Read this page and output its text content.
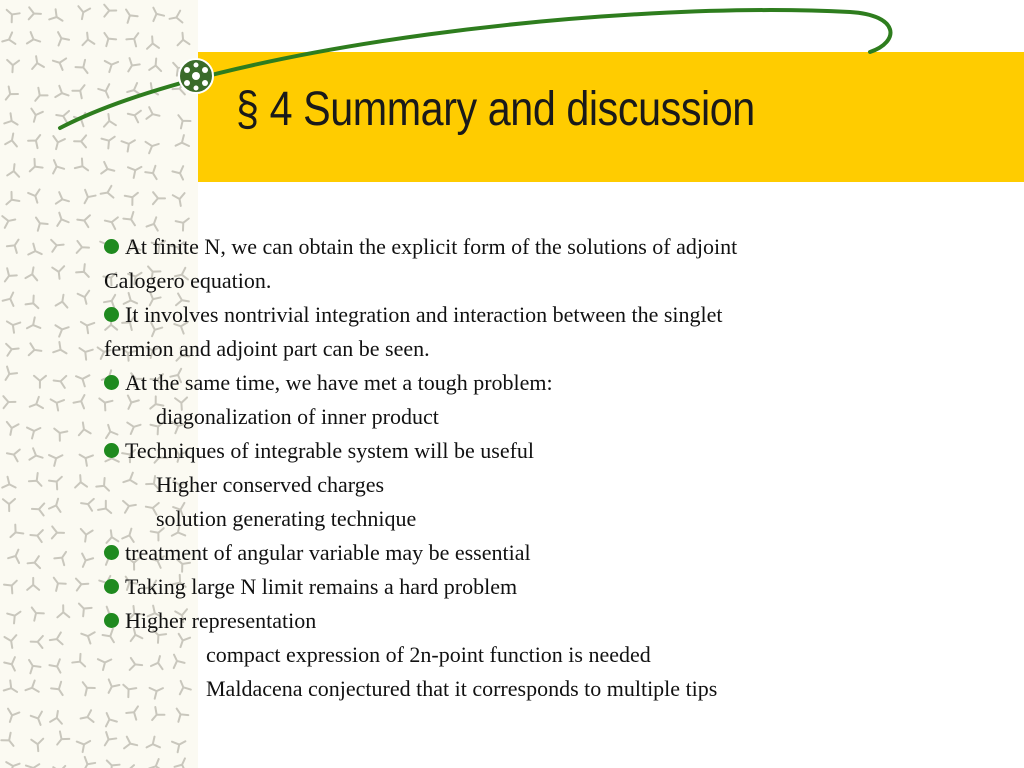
§ 4 Summary and discussion
At finite N, we can obtain the explicit form of the solutions of adjoint
Calogero equation.
It involves nontrivial integration and interaction between the singlet
fermion and adjoint part can be seen.
At the same time, we have met a tough problem:
diagonalization of inner product
Techniques of integrable system will be useful
Higher conserved charges
solution generating technique
treatment of angular variable may be essential
Taking large N limit remains a hard problem
Higher representation
compact expression of 2n-point function is needed
Maldacena conjectured that it corresponds to multiple tips
